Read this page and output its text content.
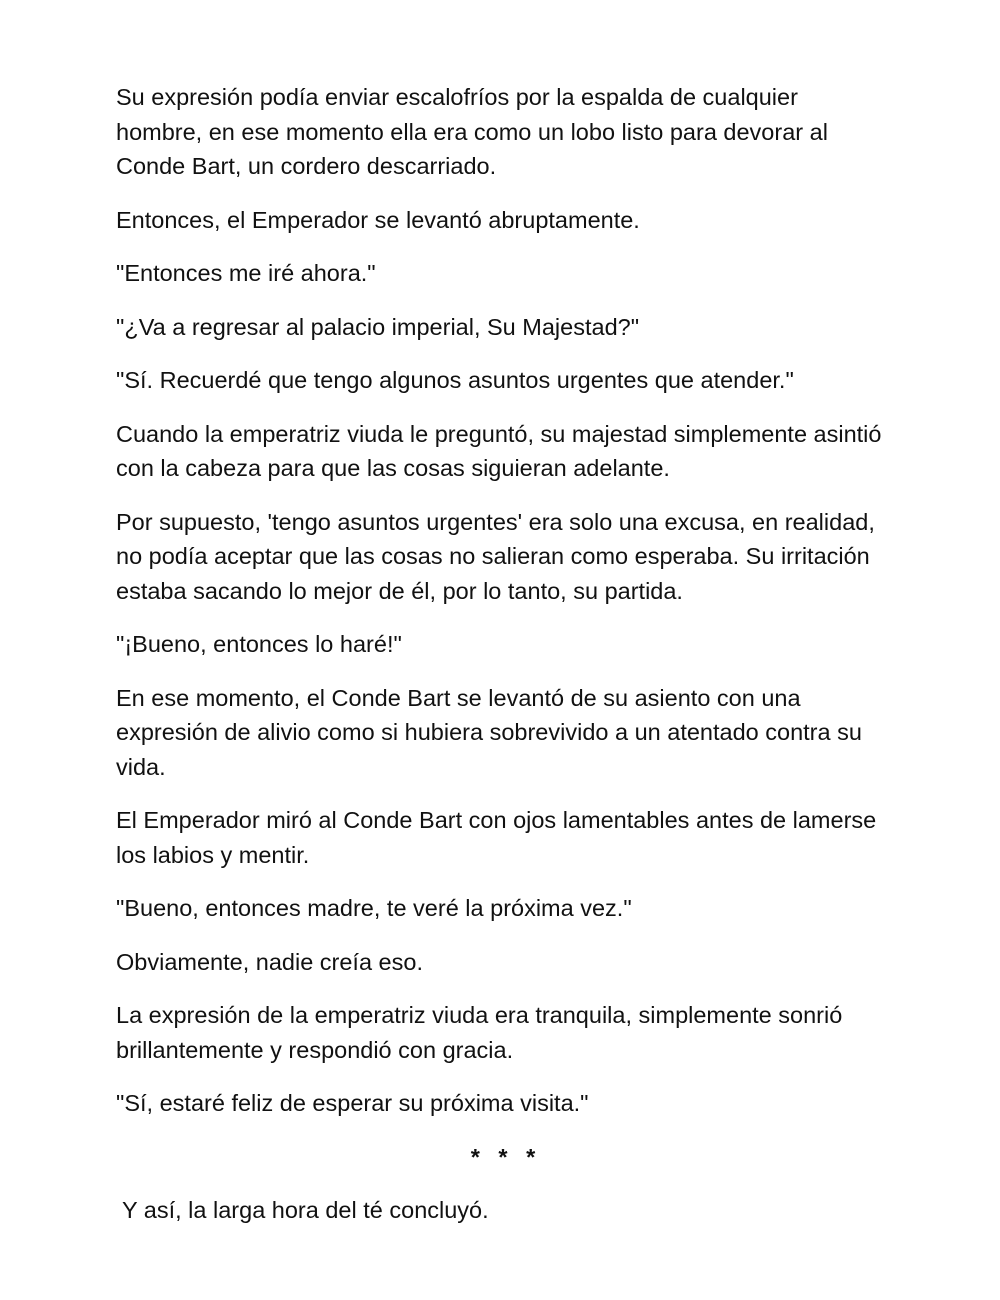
Su expresión podía enviar escalofríos por la espalda de cualquier hombre, en ese momento ella era como un lobo listo para devorar al Conde Bart, un cordero descarriado.

Entonces, el Emperador se levantó abruptamente.

"Entonces me iré ahora."

"¿Va a regresar al palacio imperial, Su Majestad?"

"Sí. Recuerdé que tengo algunos asuntos urgentes que atender."

Cuando la emperatriz viuda le preguntó, su majestad simplemente asintió con la cabeza para que las cosas siguieran adelante.

Por supuesto, 'tengo asuntos urgentes' era solo una excusa, en realidad, no podía aceptar que las cosas no salieran como esperaba. Su irritación estaba sacando lo mejor de él, por lo tanto, su partida.

"¡Bueno, entonces lo haré!"

En ese momento, el Conde Bart se levantó de su asiento con una expresión de alivio como si hubiera sobrevivido a un atentado contra su vida.

El Emperador miró al Conde Bart con ojos lamentables antes de lamerse los labios y mentir.

"Bueno, entonces madre, te veré la próxima vez."

Obviamente, nadie creía eso.

La expresión de la emperatriz viuda era tranquila, simplemente sonrió brillantemente y respondió con gracia.

"Sí, estaré feliz de esperar su próxima visita."

* * *

Y así, la larga hora del té concluyó.
